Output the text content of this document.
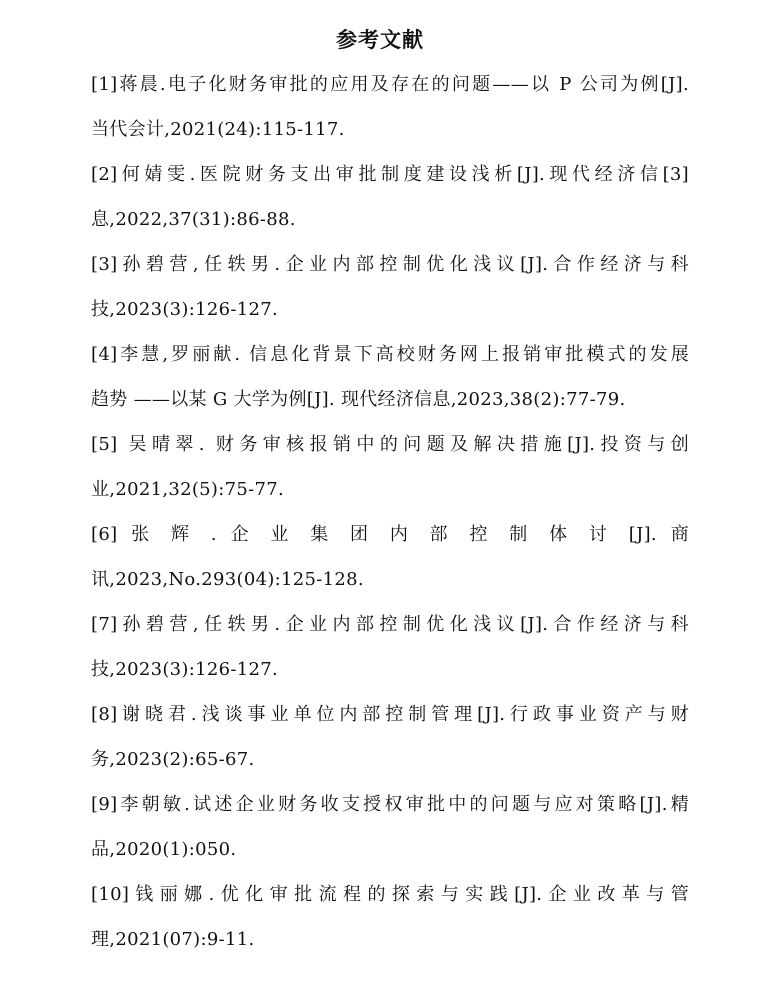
参考文献
[1]蒋晨.电子化财务审批的应用及存在的问题——以 P 公司为例[J].
当代会计,2021(24):115-117.
[2]何婧雯.医院财务支出审批制度建设浅析[J].现代经济信[3]
息,2022,37(31):86-88.
[3]孙碧营,任轶男.企业内部控制优化浅议[J].合作经济与科
技,2023(3):126-127.
[4]李慧,罗丽献. 信息化背景下高校财务网上报销审批模式的发展
趋势 ——以某 G 大学为例[J]. 现代经济信息,2023,38(2):77-79.
[5] 吴晴翠. 财务审核报销中的问题及解决措施[J].投资与创
业,2021,32(5):75-77.
[6] 张 辉 . 企 业 集 团 内 部 控 制 体 讨 [J]. 商
讯,2023,No.293(04):125-128.
[7]孙碧营,任轶男.企业内部控制优化浅议[J].合作经济与科
技,2023(3):126-127.
[8]谢晓君.浅谈事业单位内部控制管理[J].行政事业资产与财
务,2023(2):65-67.
[9]李朝敏.试述企业财务收支授权审批中的问题与应对策略[J].精
品,2020(1):050.
[10]钱丽娜.优化审批流程的探索与实践[J].企业改革与管
理,2021(07):9-11.
